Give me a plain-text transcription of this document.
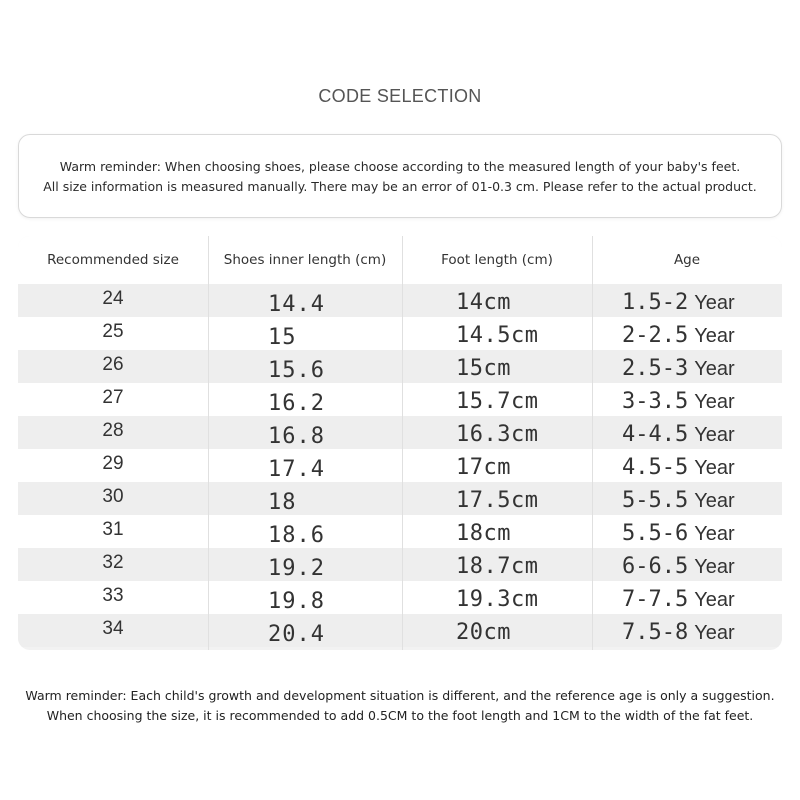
CODE SELECTION
Warm reminder: When choosing shoes, please choose according to the measured length of your baby's feet.
All size information is measured manually. There may be an error of 01-0.3 cm. Please refer to the actual product.
Recommended size	Shoes inner length (cm)	Foot length (cm)	Age
24	14.4	14cm	1.5-2 Year
25	15	14.5cm	2-2.5 Year
26	15.6	15cm	2.5-3 Year
27	16.2	15.7cm	3-3.5 Year
28	16.8	16.3cm	4-4.5 Year
29	17.4	17cm	4.5-5 Year
30	18	17.5cm	5-5.5 Year
31	18.6	18cm	5.5-6 Year
32	19.2	18.7cm	6-6.5 Year
33	19.8	19.3cm	7-7.5 Year
34	20.4	20cm	7.5-8 Year
Warm reminder: Each child's growth and development situation is different, and the reference age is only a suggestion.
When choosing the size, it is recommended to add 0.5CM to the foot length and 1CM to the width of the fat feet.
